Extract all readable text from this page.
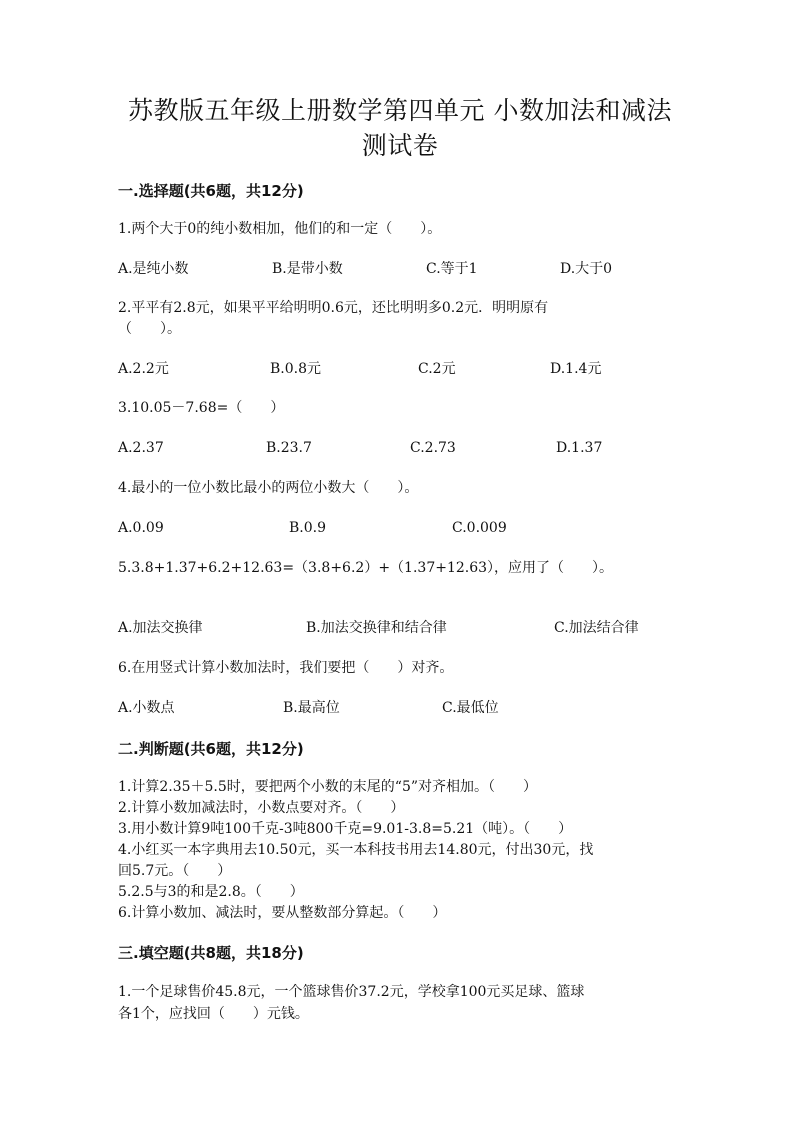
苏教版五年级上册数学第四单元 小数加法和减法
测试卷
一.选择题(共6题，共12分)
1.两个大于0的纯小数相加，他们的和一定（　　）。
A.是纯小数	B.是带小数	C.等于1	D.大于0
2.平平有2.8元，如果平平给明明0.6元，还比明明多0.2元．明明原有
（　　）。
A.2.2元	B.0.8元	C.2元	D.1.4元
3.10.05－7.68=（　　）
A.2.37	B.23.7	C.2.73	D.1.37
4.最小的一位小数比最小的两位小数大（　　）。
A.0.09	B.0.9	C.0.009
5.3.8+1.37+6.2+12.63=（3.8+6.2）+（1.37+12.63），应用了（　　）。
A.加法交换律	B.加法交换律和结合律	C.加法结合律
6.在用竖式计算小数加法时，我们要把（　　）对齐。
A.小数点	B.最高位	C.最低位
二.判断题(共6题，共12分)
1.计算2.35＋5.5时，要把两个小数的末尾的“5”对齐相加。（　　）
2.计算小数加减法时，小数点要对齐。（　　）
3.用小数计算9吨100千克-3吨800千克=9.01-3.8=5.21（吨）。（　　）
4.小红买一本字典用去10.50元，买一本科技书用去14.80元，付出30元，找
回5.7元。（　　）
5.2.5与3的和是2.8。（　　）
6.计算小数加、减法时，要从整数部分算起。（　　）
三.填空题(共8题，共18分)
1.一个足球售价45.8元，一个篮球售价37.2元，学校拿100元买足球、篮球
各1个，应找回（　　）元钱。
